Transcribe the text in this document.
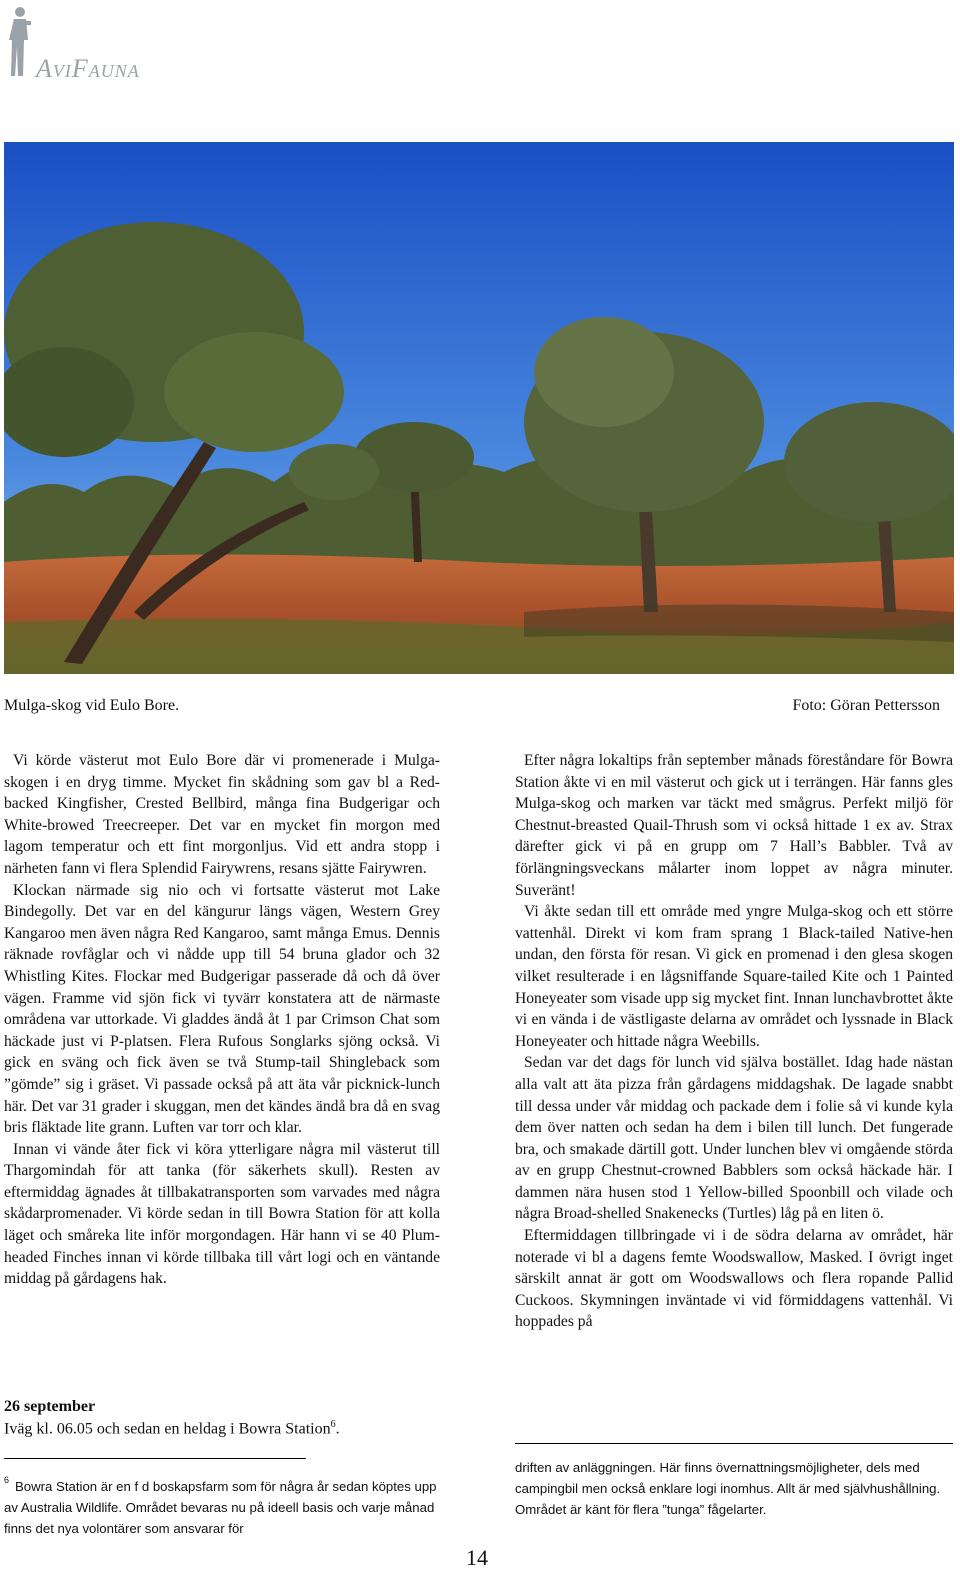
AviFauna
Mulga-skog vid Eulo Bore.	Foto: Göran Pettersson

Vi körde västerut mot Eulo Bore där vi promenerade i Mulga-skogen i en dryg timme. Mycket fin skådning som gav bl a Red-backed Kingfisher, Crested Bellbird, många fina Budgerigar och White-browed Treecreeper. Det var en mycket fin morgon med lagom temperatur och ett fint morgonljus. Vid ett andra stopp i närheten fann vi flera Splendid Fairywrens, resans sjätte Fairywren.

Klockan närmade sig nio och vi fortsatte västerut mot Lake Bindegolly. Det var en del kängurur längs vägen, Western Grey Kangaroo men även några Red Kangaroo, samt många Emus. Dennis räknade rovfåglar och vi nådde upp till 54 bruna glador och 32 Whistling Kites. Flockar med Budgerigar passerade då och då över vägen. Framme vid sjön fick vi tyvärr konstatera att de närmaste områdena var uttorkade. Vi gladdes ändå åt 1 par Crimson Chat som häckade just vi P-platsen. Flera Rufous Songlarks sjöng också. Vi gick en sväng och fick även se två Stump-tail Shingleback som ”gömde” sig i gräset. Vi passade också på att äta vår picknick-lunch här. Det var 31 grader i skuggan, men det kändes ändå bra då en svag bris fläktade lite grann. Luften var torr och klar.

Innan vi vände åter fick vi köra ytterligare några mil västerut till Thargomindah för att tanka (för säkerhets skull). Resten av eftermiddag ägnades åt tillbakatransporten som varvades med några skådarpromenader. Vi körde sedan in till Bowra Station för att kolla läget och småreka lite inför morgondagen. Här hann vi se 40 Plum-headed Finches innan vi körde tillbaka till vårt logi och en väntande middag på gårdagens hak.

26 september
Iväg kl. 06.05 och sedan en heldag i Bowra Station$^6$.

Efter några lokaltips från september månads föreståndare för Bowra Station åkte vi en mil västerut och gick ut i terrängen. Här fanns gles Mulga-skog och marken var täckt med smågrus. Perfekt miljö för Chestnut-breasted Quail-Thrush som vi också hittade 1 ex av. Strax därefter gick vi på en grupp om 7 Hall’s Babbler. Två av förlängningsveckans målarter inom loppet av några minuter. Suveränt!

Vi åkte sedan till ett område med yngre Mulga-skog och ett större vattenhål. Direkt vi kom fram sprang 1 Black-tailed Native-hen undan, den första för resan. Vi gick en promenad i den glesa skogen vilket resulterade i en lågsniffande Square-tailed Kite och 1 Painted Honeyeater som visade upp sig mycket fint. Innan lunchavbrottet åkte vi en vända i de västligaste delarna av området och lyssnade in Black Honeyeater och hittade några Weebills.

Sedan var det dags för lunch vid själva bostället. Idag hade nästan alla valt att äta pizza från gårdagens middagshak. De lagade snabbt till dessa under vår middag och packade dem i folie så vi kunde kyla dem över natten och sedan ha dem i bilen till lunch. Det fungerade bra, och smakade därtill gott. Under lunchen blev vi omgående störda av en grupp Chestnut-crowned Babblers som också häckade här. I dammen nära husen stod 1 Yellow-billed Spoonbill och vilade och några Broad-shelled Snakenecks (Turtles) låg på en liten ö.

Eftermiddagen tillbringade vi i de södra delarna av området, här noterade vi bl a dagens femte Woodswallow, Masked. I övrigt inget särskilt annat är gott om Woodswallows och flera ropande Pallid Cuckoos. Skymningen inväntade vi vid förmiddagens vattenhål. Vi hoppades på

$^6$ Bowra Station är en f d boskapsfarm som för några år sedan köptes upp av Australia Wildlife. Området bevaras nu på ideell basis och varje månad finns det nya volontärer som ansvarar för
driften av anläggningen. Här finns övernattningsmöjligheter, dels med campingbil men också enklare logi inomhus. Allt är med självhushållning. Området är känt för flera ”tunga” fågelarter.
14
